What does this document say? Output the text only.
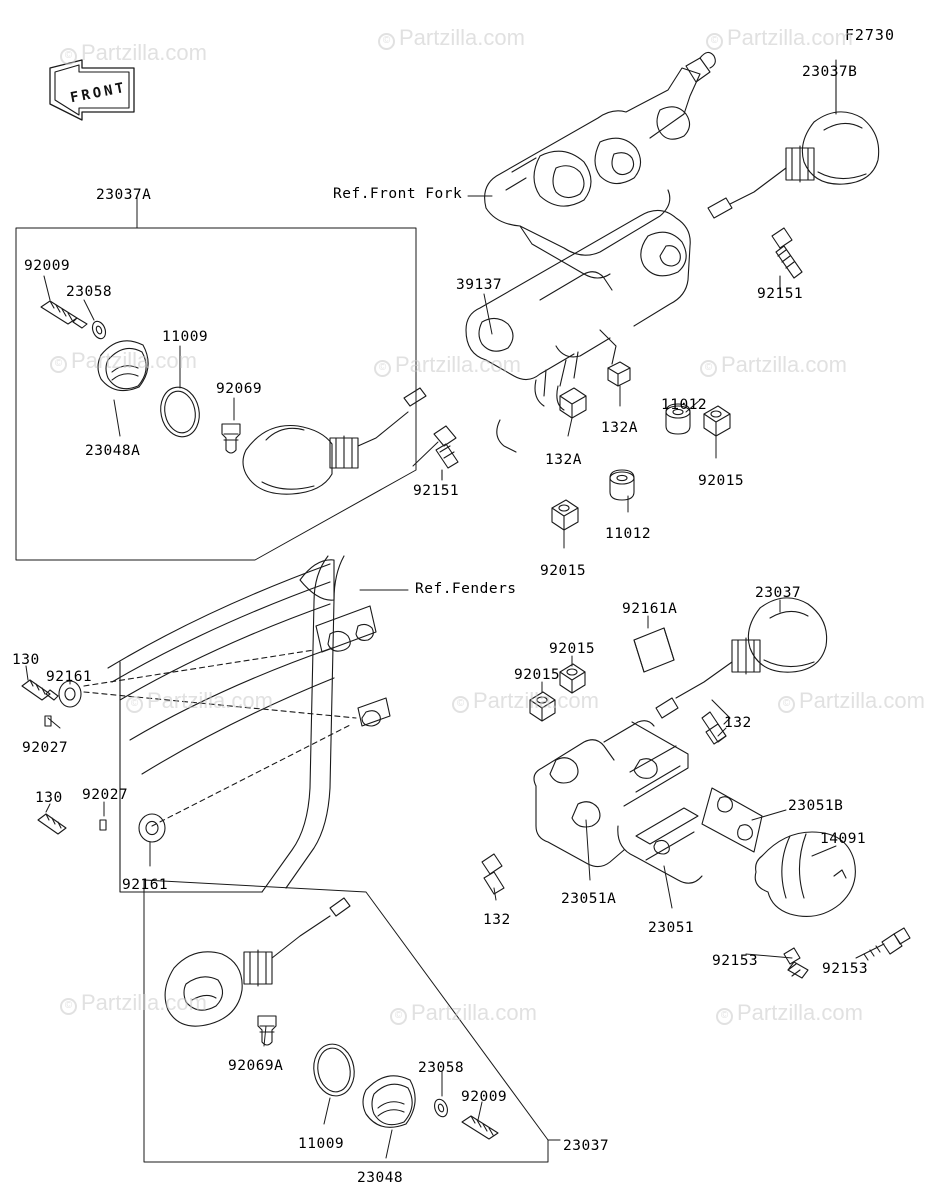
FRONT
F2730
Ref.Front Fork
Ref.Fenders
23037B
23037A
92009
23058
11009
92069
23048A
39137
92151
92151
132A
132A
11012
92015
11012
92015
92161A
23037
92015
92015
130
92161
92027
130 92027
92161
132
23051B
14091
23051A
23051
132
92153	92153
92069A	23058
92009
11009
23048
23037
© Partzilla.com	© Partzilla.com	© Partzilla.com
© Partzilla.com	© Partzilla.com
© Partzilla.com
© Partzilla.com	© Partzilla.com	© Partzilla.com
© Partzilla.com
© Partzilla.com	© Partzilla.com
